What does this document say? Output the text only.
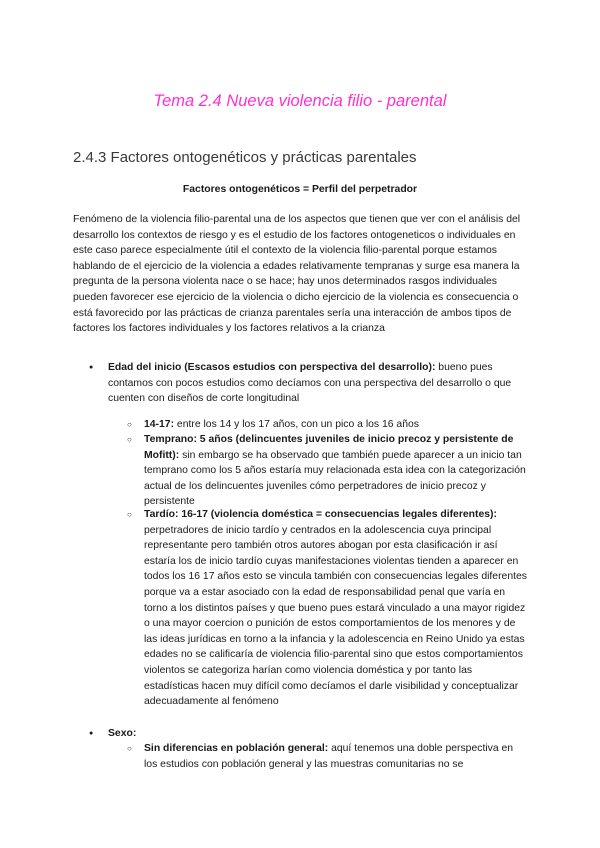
Tema 2.4 Nueva violencia filio - parental
2.4.3 Factores ontogenéticos y prácticas parentales
Factores ontogenéticos = Perfil del perpetrador

Fenómeno de la violencia filio-parental una de los aspectos que tienen que ver con el análisis del desarrollo los contextos de riesgo y es el estudio de los factores ontogeneticos o individuales en este caso parece especialmente útil el contexto de la violencia filio-parental porque estamos hablando de el ejercicio de la violencia a edades relativamente tempranas y surge esa manera la pregunta de la persona violenta nace o se hace; hay unos determinados rasgos individuales pueden favorecer ese ejercicio de la violencia o dicho ejercicio de la violencia es consecuencia o está favorecido por las prácticas de crianza parentales sería una interacción de ambos tipos de factores los factores individuales y los factores relativos a la crianza

● Edad del inicio (Escasos estudios con perspectiva del desarrollo): bueno pues contamos con pocos estudios como decíamos con una perspectiva del desarrollo o que cuenten con diseños de corte longitudinal

○ 14-17: entre los 14 y los 17 años, con un pico a los 16 años

○ Temprano: 5 años (delincuentes juveniles de inicio precoz y persistente de Mofitt): sin embargo se ha observado que también puede aparecer a un inicio tan temprano como los 5 años estaría muy relacionada esta idea con la categorización actual de los delincuentes juveniles cómo perpetradores de inicio precoz y persistente

○ Tardío: 16-17 (violencia doméstica = consecuencias legales diferentes): perpetradores de inicio tardío y centrados en la adolescencia cuya principal representante pero también otros autores abogan por esta clasificación ir así estaría los de inicio tardío cuyas manifestaciones violentas tienden a aparecer en todos los 16 17 años esto se vincula también con consecuencias legales diferentes porque va a estar asociado con la edad de responsabilidad penal que varía en torno a los distintos países y que bueno pues estará vinculado a una mayor rigidez o una mayor coercion o punición de estos comportamientos de los menores y de las ideas jurídicas en torno a la infancia y la adolescencia en Reino Unido ya estas edades no se calificaría de violencia filio-parental sino que estos comportamientos violentos se categoriza harían como violencia doméstica y por tanto las estadísticas hacen muy difícil como decíamos el darle visibilidad y conceptualizar adecuadamente al fenómeno

● Sexo:

○ Sin diferencias en población general: aquí tenemos una doble perspectiva en los estudios con población general y las muestras comunitarias no se
